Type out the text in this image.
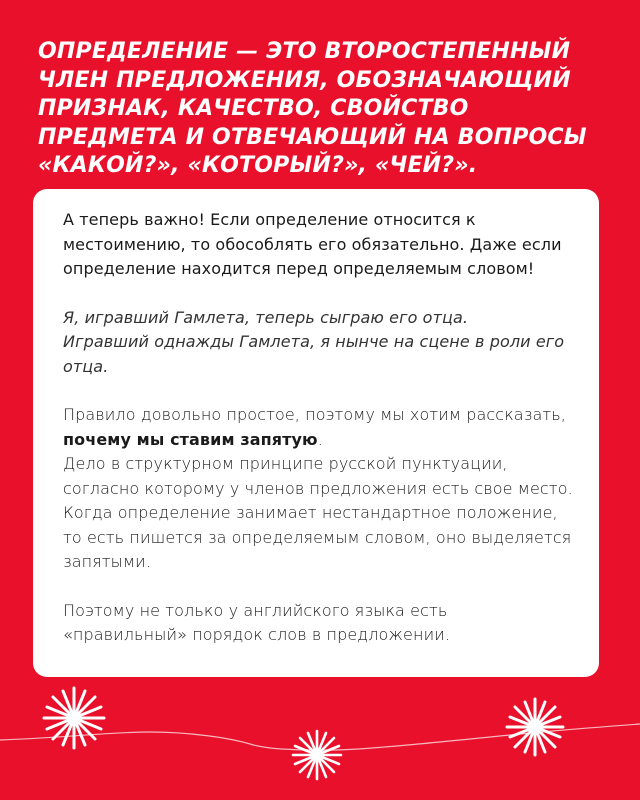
ОПРЕДЕЛЕНИЕ — ЭТО ВТОРОСТЕПЕННЫЙ ЧЛЕН ПРЕДЛОЖЕНИЯ, ОБОЗНАЧАЮЩИЙ ПРИЗНАК, КАЧЕСТВО, СВОЙСТВО ПРЕДМЕТА И ОТВЕЧАЮЩИЙ НА ВОПРОСЫ «КАКОЙ?», «КОТОРЫЙ?», «ЧЕЙ?».

А теперь важно! Если определение относится к местоимению, то обособлять его обязательно. Даже если определение находится перед определяемым словом!

Я, игравший Гамлета, теперь сыграю его отца.
Игравший однажды Гамлета, я нынче на сцене в роли его отца.

Правило довольно простое, поэтому мы хотим рассказать, почему мы ставим запятую.
Дело в структурном принципе русской пунктуации, согласно которому у членов предложения есть свое место. Когда определение занимает нестандартное положение, то есть пишется за определяемым словом, оно выделяется запятыми.

Поэтому не только у английского языка есть «правильный» порядок слов в предложении.
